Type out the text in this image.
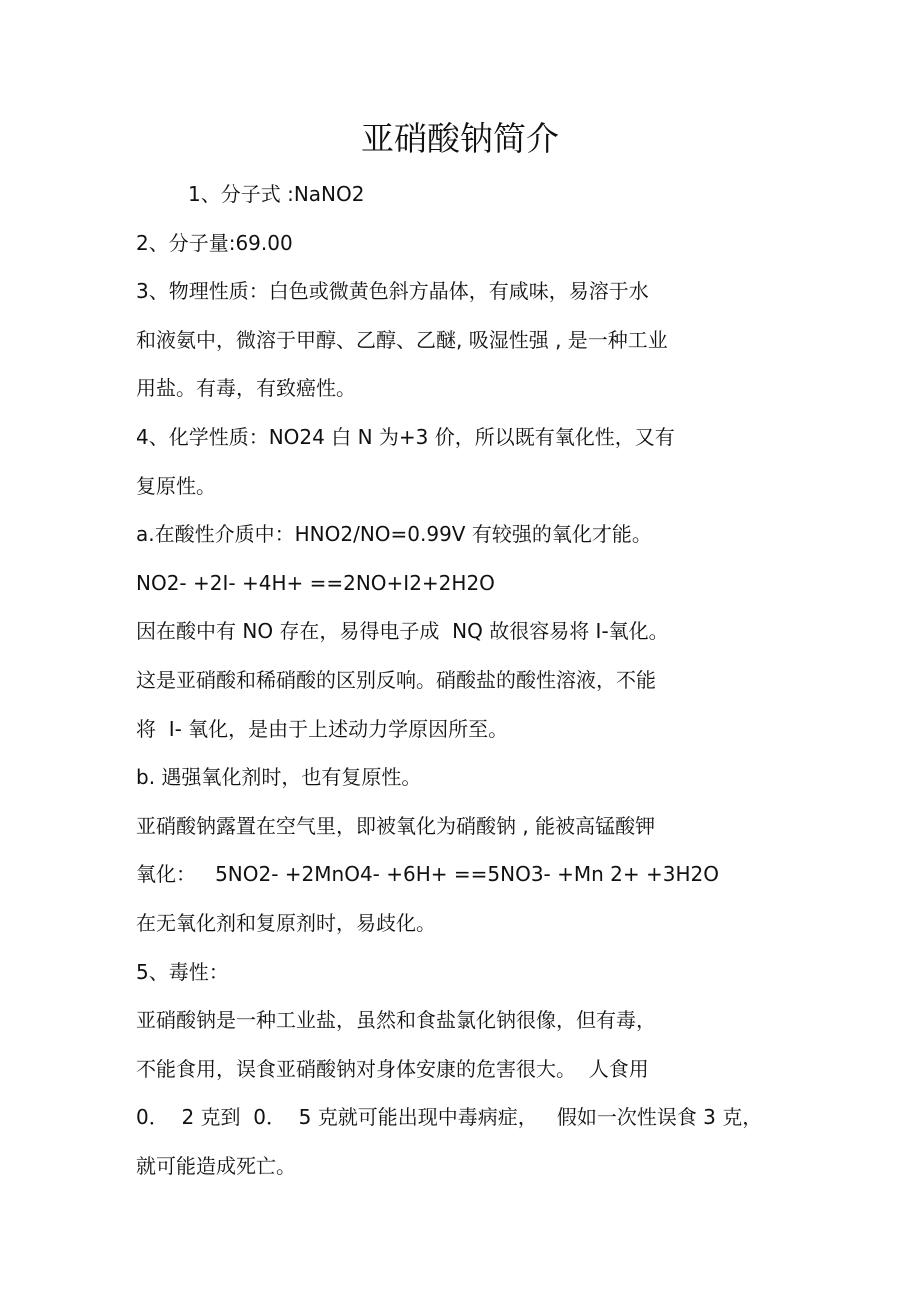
亚硝酸钠简介
1、分子式 :NaNO2
2、分子量:69.00
3、物理性质：白色或微黄色斜方晶体，有咸味，易溶于水
和液氨中，微溶于甲醇、乙醇、乙醚, 吸湿性强 , 是一种工业
用盐。有毒，有致癌性。
4、化学性质：NO24 白 N 为+3 价，所以既有氧化性，又有
复原性。
a.在酸性介质中：HNO2/NO=0.99V 有较强的氧化才能。
NO2- +2I- +4H+ ==2NO+I2+2H2O
因在酸中有 NO 存在，易得电子成  NQ 故很容易将 I-氧化。
这是亚硝酸和稀硝酸的区别反响。硝酸盐的酸性溶液，不能
将  I- 氧化，是由于上述动力学原因所至。
b. 遇强氧化剂时，也有复原性。
亚硝酸钠露置在空气里，即被氧化为硝酸钠 , 能被高锰酸钾
氧化：   5NO2- +2MnO4- +6H+ ==5NO3- +Mn 2+ +3H2O
在无氧化剂和复原剂时，易歧化。
5、毒性：
亚硝酸钠是一种工业盐，虽然和食盐氯化钠很像，但有毒，
不能食用，误食亚硝酸钠对身体安康的危害很大。  人食用
0．  2 克到  0．  5 克就可能出现中毒病症，   假如一次性误食 3 克，
就可能造成死亡。
